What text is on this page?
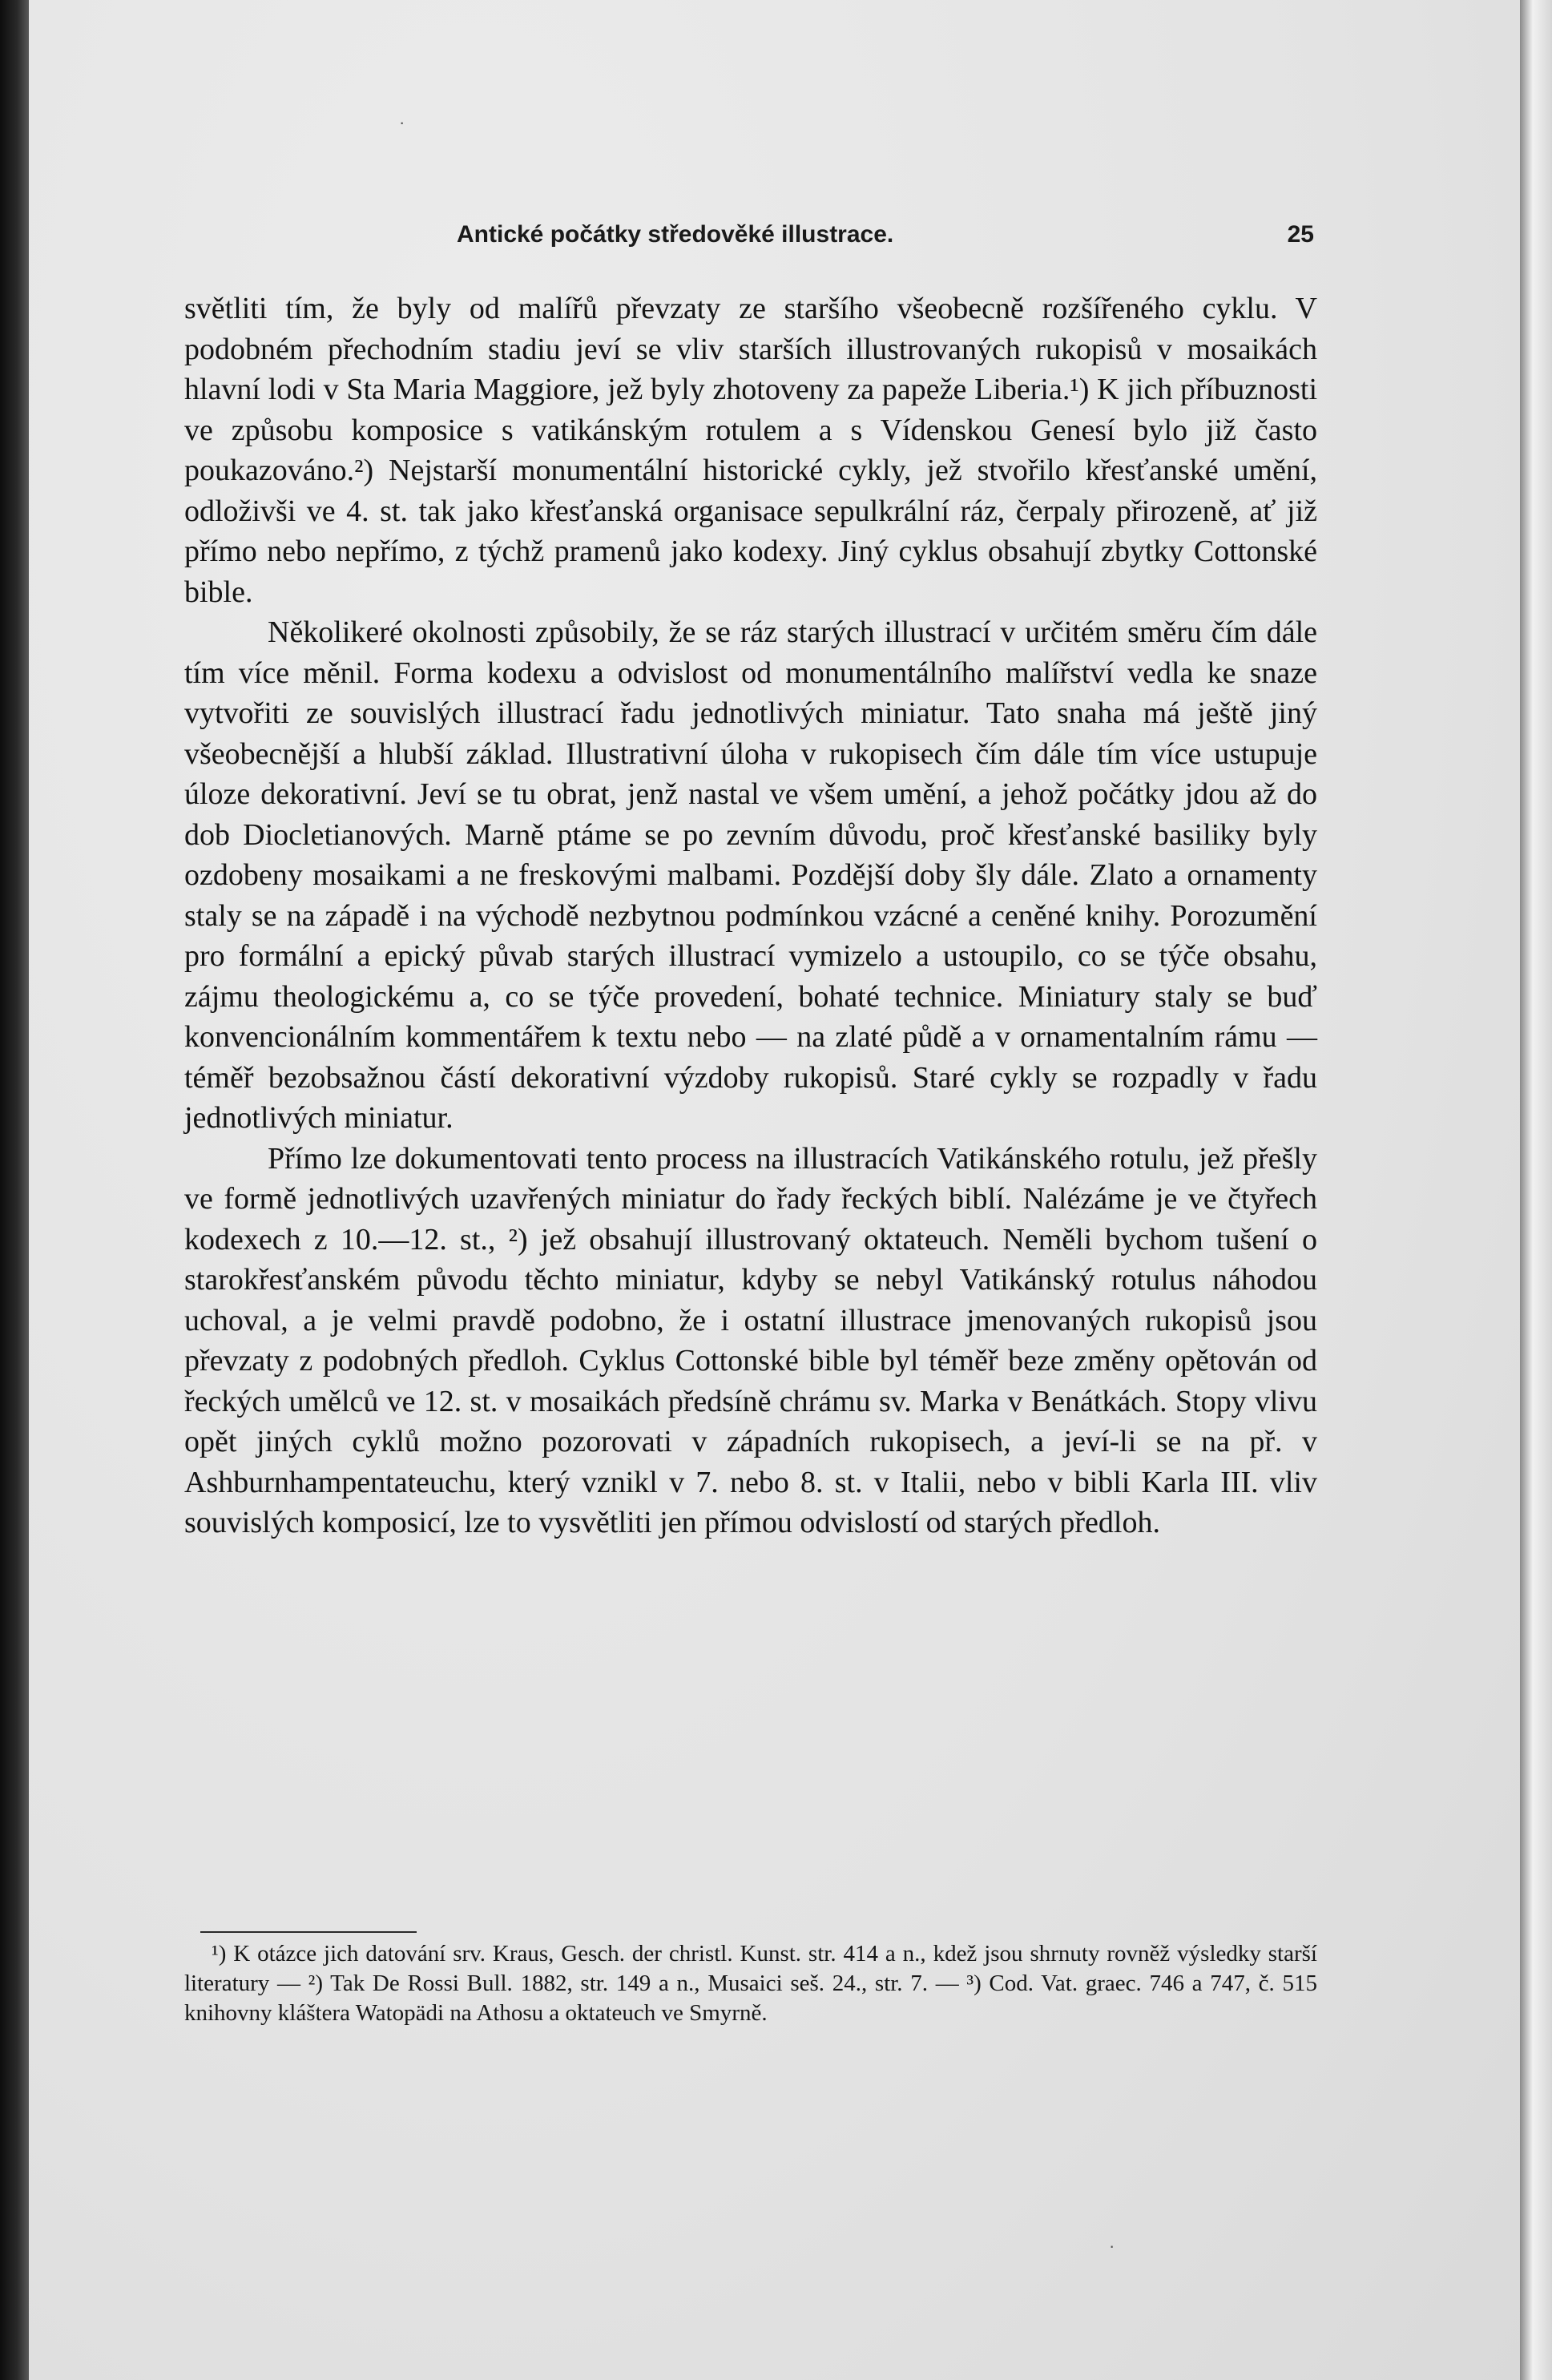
Antické počátky středověké illustrace.	25

světliti tím, že byly od malířů převzaty ze staršího všeobecně rozšířeného cyklu. V podobném přechodním stadiu jeví se vliv starších illustrovaných rukopisů v mosaikách hlavní lodi v Sta Maria Maggiore, jež byly zhotoveny za papeže Liberia.¹) K jich příbuznosti ve způsobu komposice s vatikánským rotulem a s Vídenskou Genesí bylo již často poukazováno.²) Nejstarší monumentální historické cykly, jež stvořilo křesťanské umění, odloživši ve 4. st. tak jako křesťanská organisace sepulkrální ráz, čerpaly přirozeně, ať již přímo nebo nepřímo, z týchž pramenů jako kodexy. Jiný cyklus obsahují zbytky Cottonské bible.

Několikeré okolnosti způsobily, že se ráz starých illustrací v určitém směru čím dále tím více měnil. Forma kodexu a odvislost od monumentálního malířství vedla ke snaze vytvořiti ze souvislých illustrací řadu jednotlivých miniatur. Tato snaha má ještě jiný všeobecnější a hlubší základ. Illustrativní úloha v rukopisech čím dále tím více ustupuje úloze dekorativní. Jeví se tu obrat, jenž nastal ve všem umění, a jehož počátky jdou až do dob Diocletianových. Marně ptáme se po zevním důvodu, proč křesťanské basiliky byly ozdobeny mosaikami a ne freskovými malbami. Pozdější doby šly dále. Zlato a ornamenty staly se na západě i na východě nezbytnou podmínkou vzácné a ceněné knihy. Porozumění pro formální a epický půvab starých illustrací vymizelo a ustoupilo, co se týče obsahu, zájmu theologickému a, co se týče provedení, bohaté technice. Miniatury staly se buď konvencionálním kommentářem k textu nebo — na zlaté půdě a v ornamentalním rámu — téměř bezobsažnou částí dekorativní výzdoby rukopisů. Staré cykly se rozpadly v řadu jednotlivých miniatur.

Přímo lze dokumentovati tento process na illustracích Vatikánského rotulu, jež přešly ve formě jednotlivých uzavřených miniatur do řady řeckých biblí. Nalézáme je ve čtyřech kodexech z 10.—12. st., ²) jež obsahují illustrovaný oktateuch. Neměli bychom tušení o starokřesťanském původu těchto miniatur, kdyby se nebyl Vatikánský rotulus náhodou uchoval, a je velmi pravdě podobno, že i ostatní illustrace jmenovaných rukopisů jsou převzaty z podobných předloh. Cyklus Cottonské bible byl téměř beze změny opětován od řeckých umělců ve 12. st. v mosaikách předsíně chrámu sv. Marka v Benátkách. Stopy vlivu opět jiných cyklů možno pozorovati v západních rukopisech, a jeví-li se na př. v Ashburnhampentateuchu, který vznikl v 7. nebo 8. st. v Italii, nebo v bibli Karla III. vliv souvislých komposicí, lze to vysvětliti jen přímou odvislostí od starých předloh.

¹) K otázce jich datování srv. Kraus, Gesch. der christl. Kunst. str. 414 a n., kdež jsou shrnuty rovněž výsledky starší literatury — ²) Tak De Rossi Bull. 1882, str. 149 a n., Musaici seš. 24., str. 7. — ³) Cod. Vat. graec. 746 a 747, č. 515 knihovny kláštera Watopädi na Athosu a oktateuch ve Smyrně.

·
·
